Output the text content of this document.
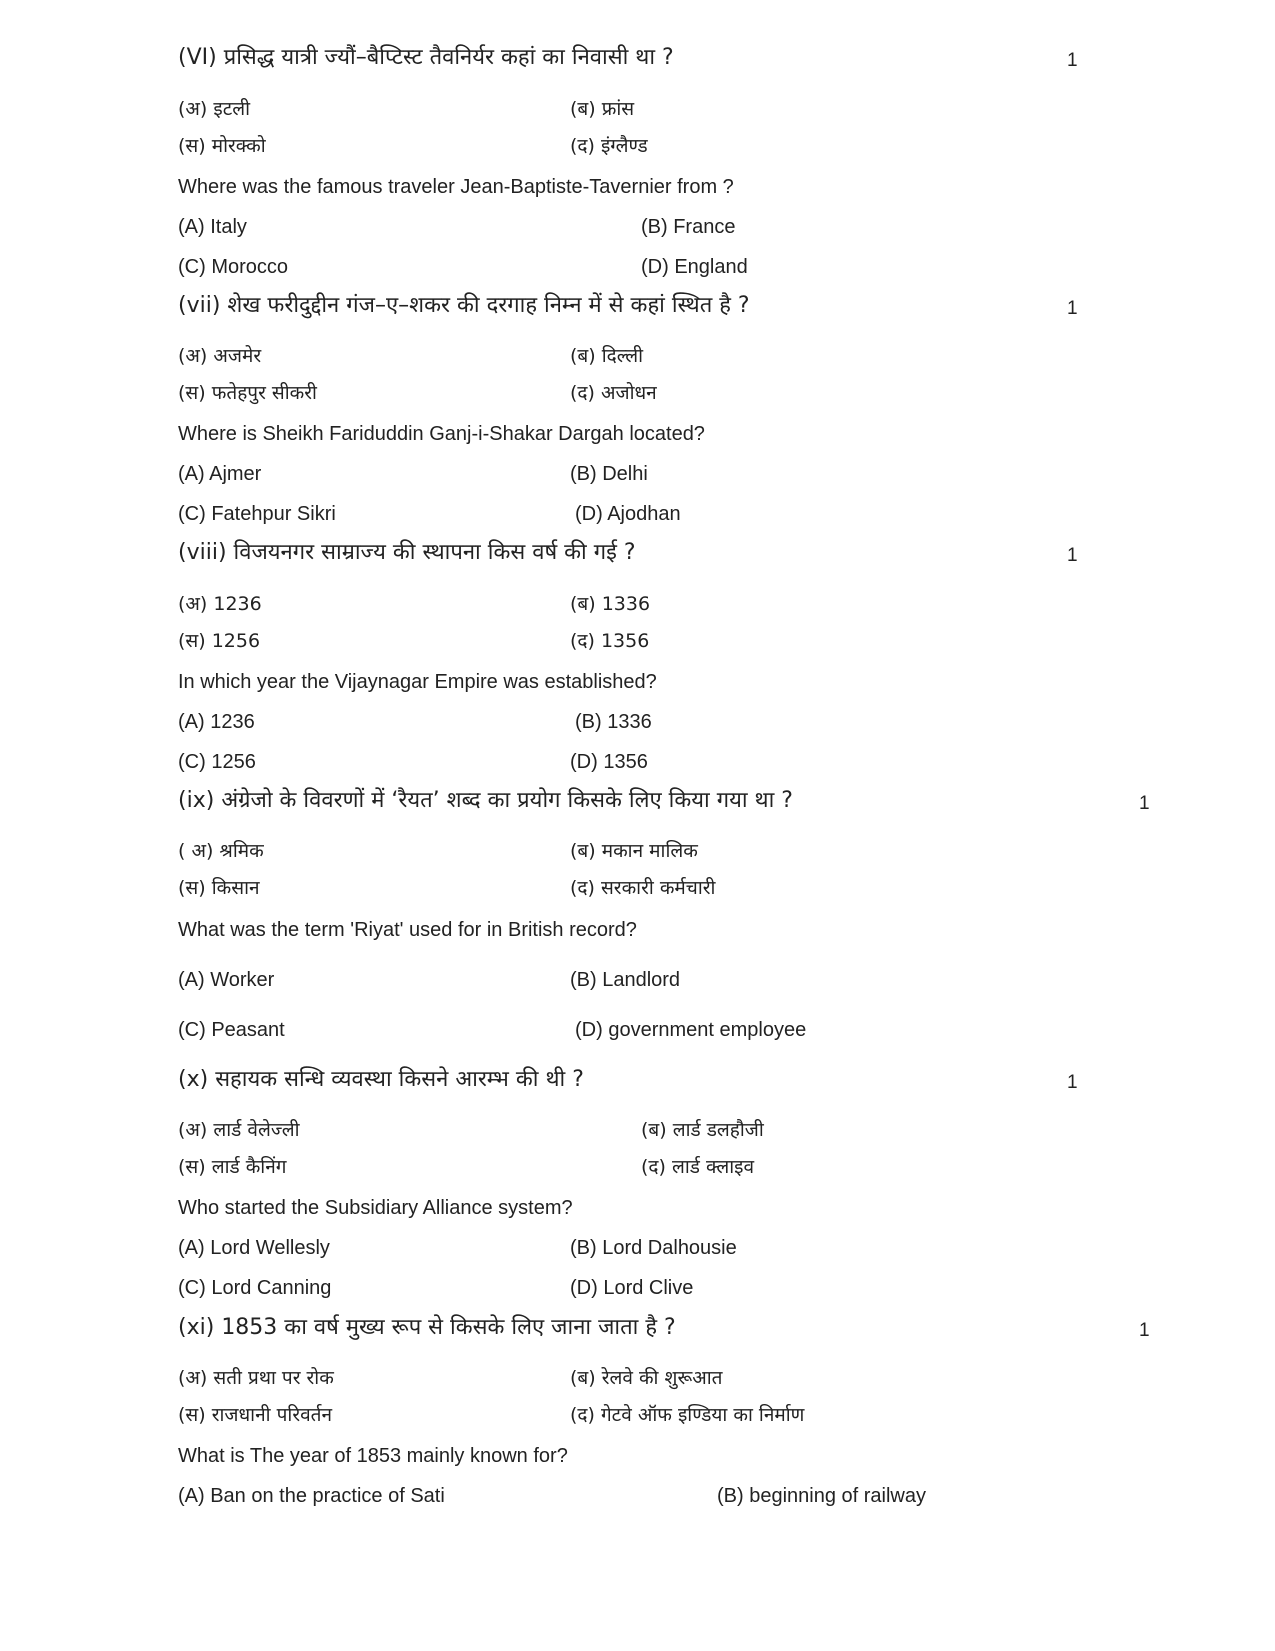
(VI) प्रसिद्ध यात्री ज्यौं–बैप्टिस्ट तैवनिर्यर कहां का निवासी था ?	1
(अ) इटली	(ब) फ्रांस
(स) मोरक्को	(द) इंग्लैण्ड
Where was the famous traveler Jean-Baptiste-Tavernier from ?
(A) Italy	(B) France
(C) Morocco	(D) England
(vii) शेख फरीदुद्दीन गंज–ए–शकर की दरगाह निम्न में से कहां स्थित है ?	1
(अ) अजमेर	(ब) दिल्ली
(स) फतेहपुर सीकरी	(द) अजोधन
Where is Sheikh Fariduddin Ganj-i-Shakar Dargah located?
(A) Ajmer	(B) Delhi
(C) Fatehpur Sikri	(D) Ajodhan
(viii) विजयनगर साम्राज्य की स्थापना किस वर्ष की गई ?	1
(अ) 1236	(ब) 1336
(स) 1256	(द) 1356
In which year the Vijaynagar Empire was established?
(A) 1236	(B) 1336
(C) 1256	(D) 1356
(ix) अंग्रेजो के विवरणों में ‘रैयत’ शब्द का प्रयोग किसके लिए किया गया था ?	1
( अ) श्रमिक	(ब) मकान मालिक
(स) किसान	(द) सरकारी कर्मचारी
What was the term 'Riyat' used for in British record?
(A) Worker	(B) Landlord
(C) Peasant	(D) government employee
(x) सहायक सन्धि व्यवस्था किसने आरम्भ की थी ?	1
(अ) लार्ड वेलेज्ली	(ब) लार्ड डलहौजी
(स) लार्ड कैनिंग	(द) लार्ड क्लाइव
Who started the Subsidiary Alliance system?
(A) Lord Wellesly	(B) Lord Dalhousie
(C) Lord Canning	(D) Lord Clive
(xi) 1853 का वर्ष मुख्य रूप से किसके लिए जाना जाता है ?	1
(अ) सती प्रथा पर रोक	(ब) रेलवे की शुरूआत
(स) राजधानी परिवर्तन	(द) गेटवे ऑफ इण्डिया का निर्माण
What is The year of 1853 mainly known for?
(A) Ban on the practice of Sati	(B) beginning of railway
